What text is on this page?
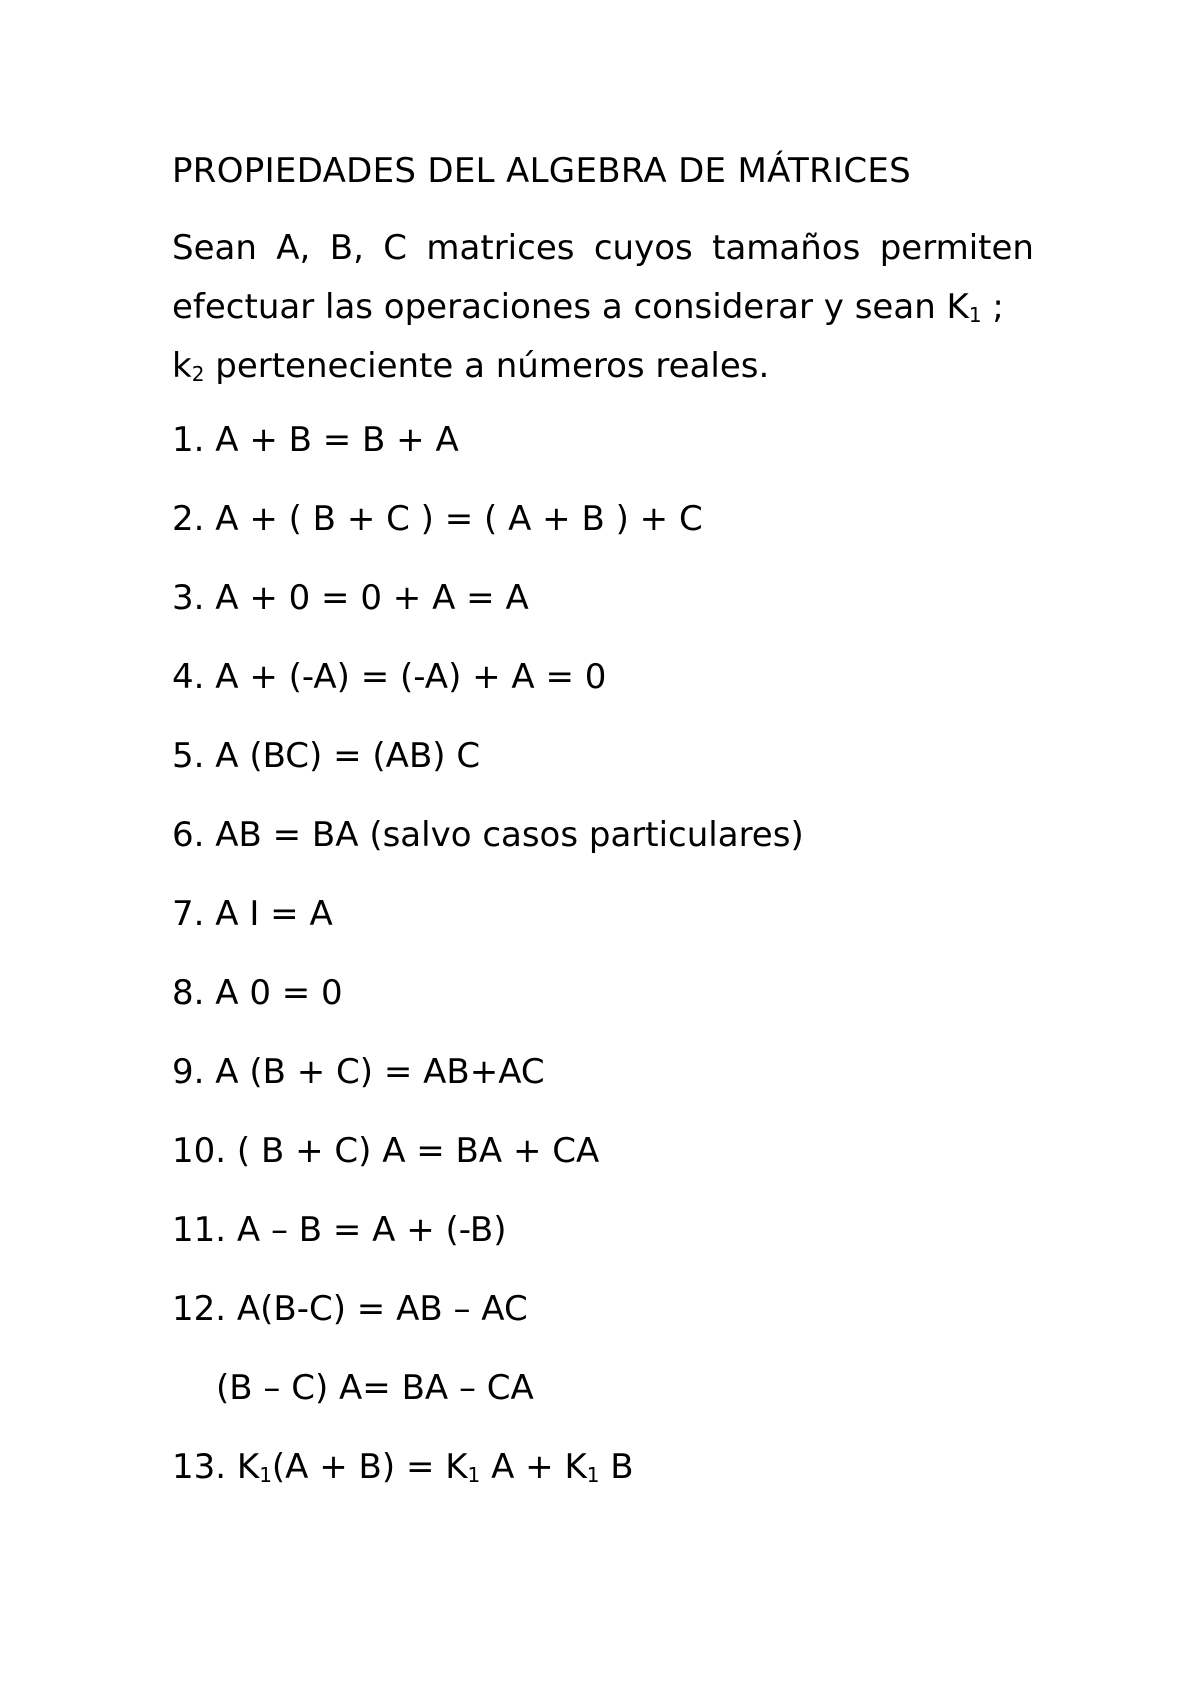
PROPIEDADES DEL ALGEBRA DE MÁTRICES
Sean A, B, C matrices cuyos tamaños permiten
efectuar las operaciones a considerar y sean $K_1$ ;
$k_2$ perteneciente a números reales.
1. A + B = B + A
2. A + ( B + C ) = ( A + B ) + C
3. A + 0 = 0 + A = A
4. A + (-A) = (-A) + A = 0
5. A (BC) = (AB) C
6. AB = BA (salvo casos particulares)
7. A I = A
8. A 0 = 0
9. A (B + C) = AB+AC
10. ( B + C) A = BA + CA
11. A – B = A + (-B)
12. A(B-C) = AB – AC
(B – C) A= BA – CA
13. $K_1(A + B) = K_1$ $A + K_1$ B
